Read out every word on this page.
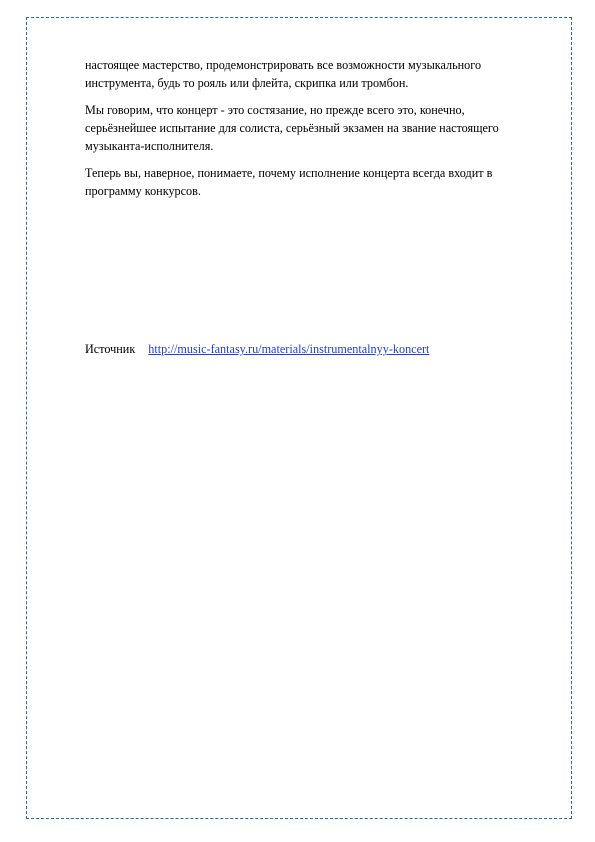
настоящее мастерство, продемонстрировать все возможности музыкального инструмента, будь то рояль или флейта, скрипка или тромбон.

Мы говорим, что концерт - это состязание, но прежде всего это, конечно, серьёзнейшее испытание для солиста, серьёзный экзамен на звание настоящего музыканта-исполнителя.

Теперь вы, наверное, понимаете, почему исполнение концерта всегда входит в программу конкурсов.

Источник http://music-fantasy.ru/materials/instrumentalnyy-koncert
